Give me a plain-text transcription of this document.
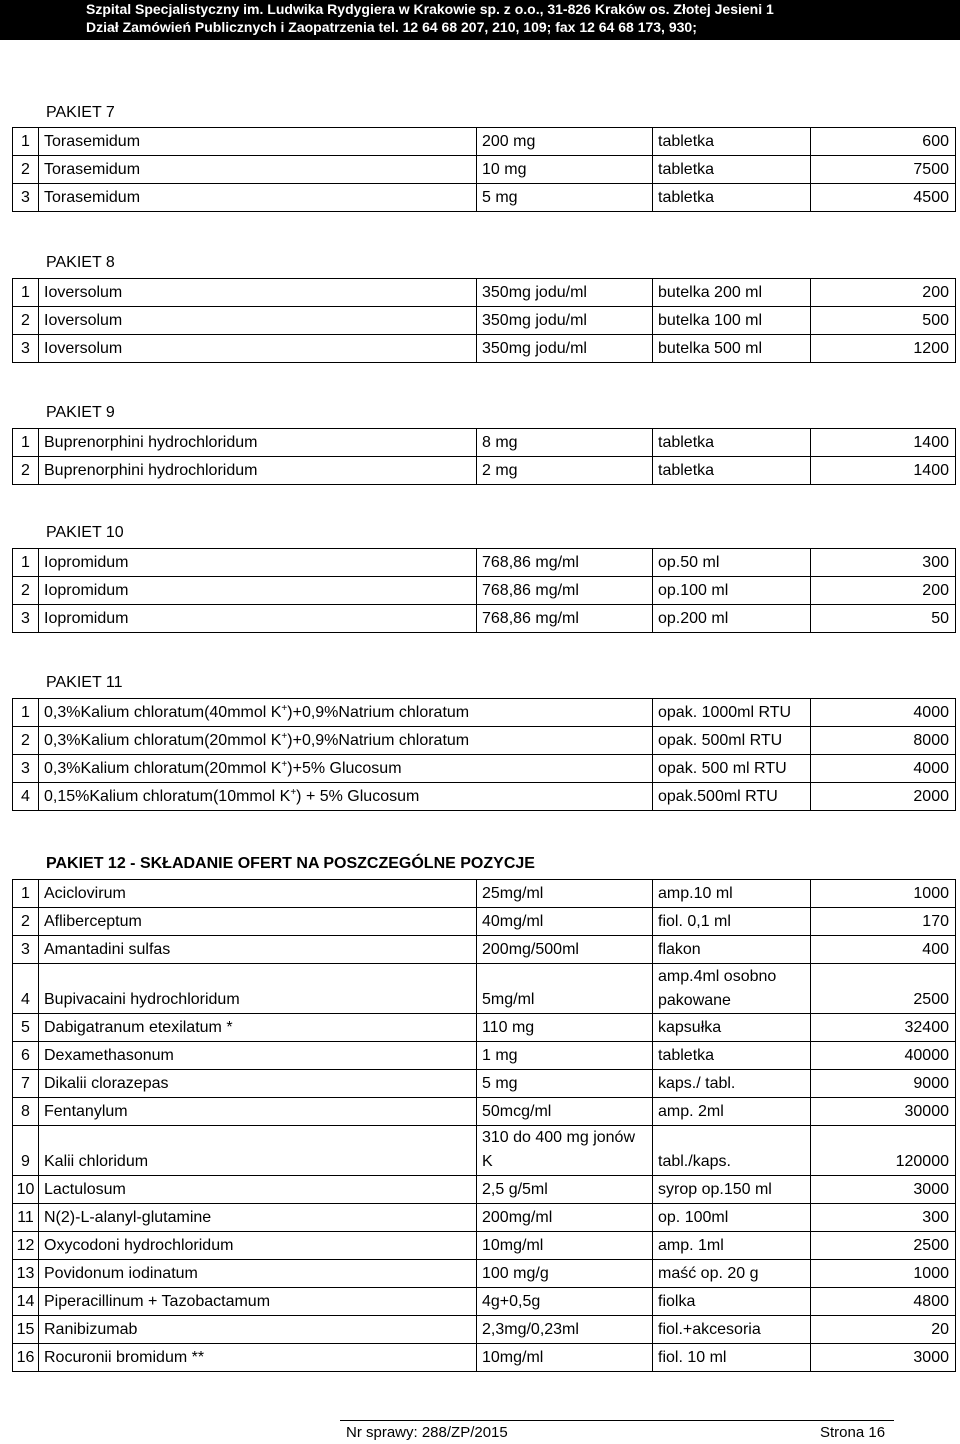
Szpital Specjalistyczny im. Ludwika Rydygiera w Krakowie sp. z o.o., 31-826 Kraków os. Złotej Jesieni 1
Dział Zamówień Publicznych i Zaopatrzenia tel. 12 64 68 207, 210, 109; fax 12 64 68 173, 930;
PAKIET 7
1	Torasemidum	200 mg	tabletka	600
2	Torasemidum	10 mg	tabletka	7500
3	Torasemidum	5 mg	tabletka	4500
PAKIET 8
1	Ioversolum	350mg jodu/ml	butelka 200 ml	200
2	Ioversolum	350mg jodu/ml	butelka 100 ml	500
3	Ioversolum	350mg jodu/ml	butelka 500 ml	1200
PAKIET 9
1	Buprenorphini hydrochloridum	8 mg	tabletka	1400
2	Buprenorphini hydrochloridum	2 mg	tabletka	1400
PAKIET 10
1	Iopromidum	768,86 mg/ml	op.50 ml	300
2	Iopromidum	768,86 mg/ml	op.100 ml	200
3	Iopromidum	768,86 mg/ml	op.200 ml	50
PAKIET 11
1	0,3%Kalium chloratum(40mmol K+)+0,9%Natrium chloratum	opak. 1000ml RTU	4000
2	0,3%Kalium chloratum(20mmol K+)+0,9%Natrium chloratum	opak. 500ml RTU	8000
3	0,3%Kalium chloratum(20mmol K+)+5% Glucosum	opak. 500 ml RTU	4000
4	0,15%Kalium chloratum(10mmol K+) + 5% Glucosum	opak.500ml RTU	2000
PAKIET 12 - SKŁADANIE OFERT NA POSZCZEGÓLNE POZYCJE
1	Aciclovirum	25mg/ml	amp.10 ml	1000
2	Afliberceptum	40mg/ml	fiol. 0,1 ml	170
3	Amantadini sulfas	200mg/500ml	flakon	400
4	Bupivacaini hydrochloridum	5mg/ml	amp.4ml osobno pakowane	2500
5	Dabigatranum etexilatum *	110 mg	kapsułka	32400
6	Dexamethasonum	1 mg	tabletka	40000
7	Dikalii clorazepas	5 mg	kaps./ tabl.	9000
8	Fentanylum	50mcg/ml	amp. 2ml	30000
9	Kalii chloridum	310 do 400 mg jonów K	tabl./kaps.	120000
10	Lactulosum	2,5 g/5ml	syrop op.150 ml	3000
11	N(2)-L-alanyl-glutamine	200mg/ml	op. 100ml	300
12	Oxycodoni hydrochloridum	10mg/ml	amp. 1ml	2500
13	Povidonum iodinatum	100 mg/g	maść op. 20 g	1000
14	Piperacillinum + Tazobactamum	4g+0,5g	fiolka	4800
15	Ranibizumab	2,3mg/0,23ml	fiol.+akcesoria	20
16	Rocuronii bromidum **	10mg/ml	fiol. 10 ml	3000
Nr sprawy: 288/ZP/2015	Strona 16
